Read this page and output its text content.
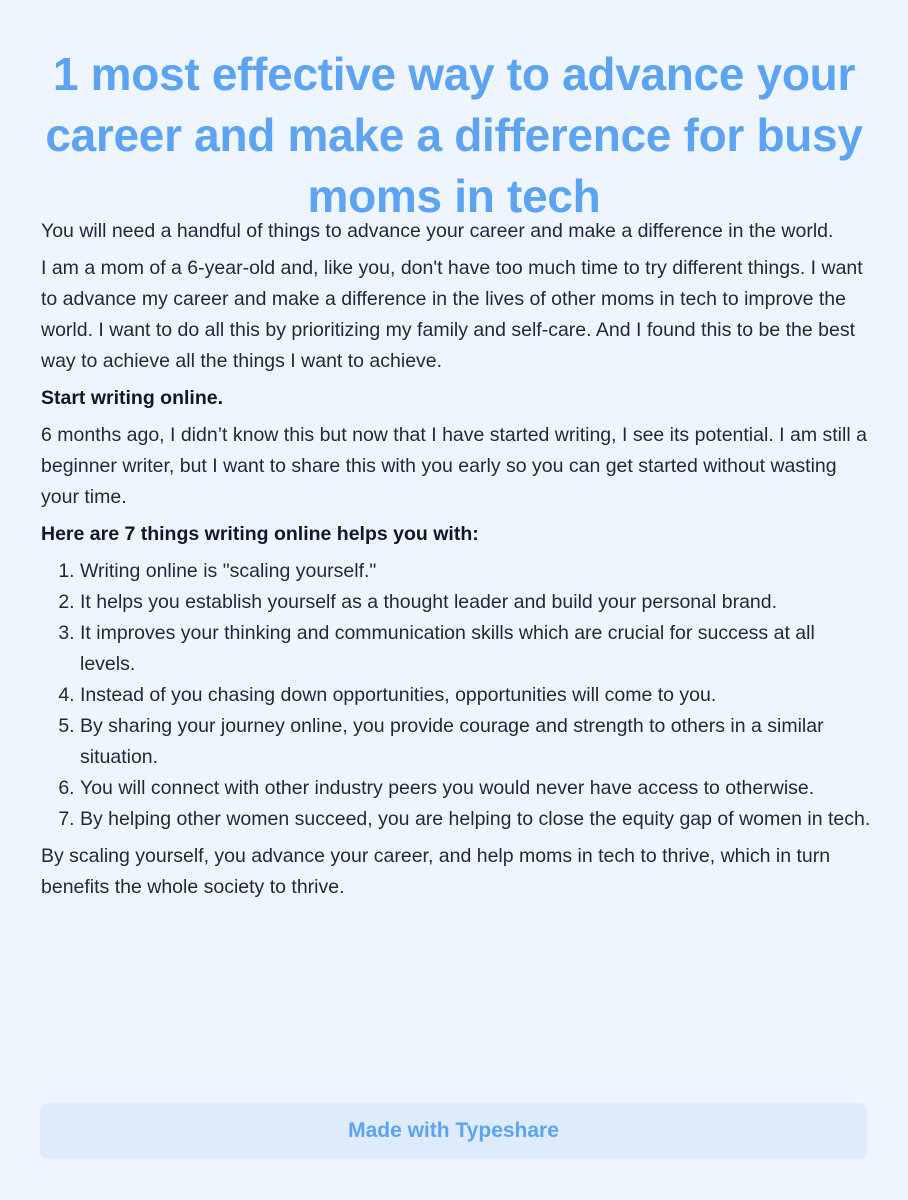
1 most effective way to advance your career and make a difference for busy moms in tech

You will need a handful of things to advance your career and make a difference in the world.

I am a mom of a 6-year-old and, like you, don't have too much time to try different things. I want to advance my career and make a difference in the lives of other moms in tech to improve the world. I want to do all this by prioritizing my family and self-care. And I found this to be the best way to achieve all the things I want to achieve.

Start writing online.

6 months ago, I didn’t know this but now that I have started writing, I see its potential. I am still a beginner writer, but I want to share this with you early so you can get started without wasting your time.

Here are 7 things writing online helps you with:

1. Writing online is "scaling yourself."
2. It helps you establish yourself as a thought leader and build your personal brand.
3. It improves your thinking and communication skills which are crucial for success at all levels.
4. Instead of you chasing down opportunities, opportunities will come to you.
5. By sharing your journey online, you provide courage and strength to others in a similar situation.
6. You will connect with other industry peers you would never have access to otherwise.
7. By helping other women succeed, you are helping to close the equity gap of women in tech.

By scaling yourself, you advance your career, and help moms in tech to thrive, which in turn benefits the whole society to thrive.

Made with Typeshare
